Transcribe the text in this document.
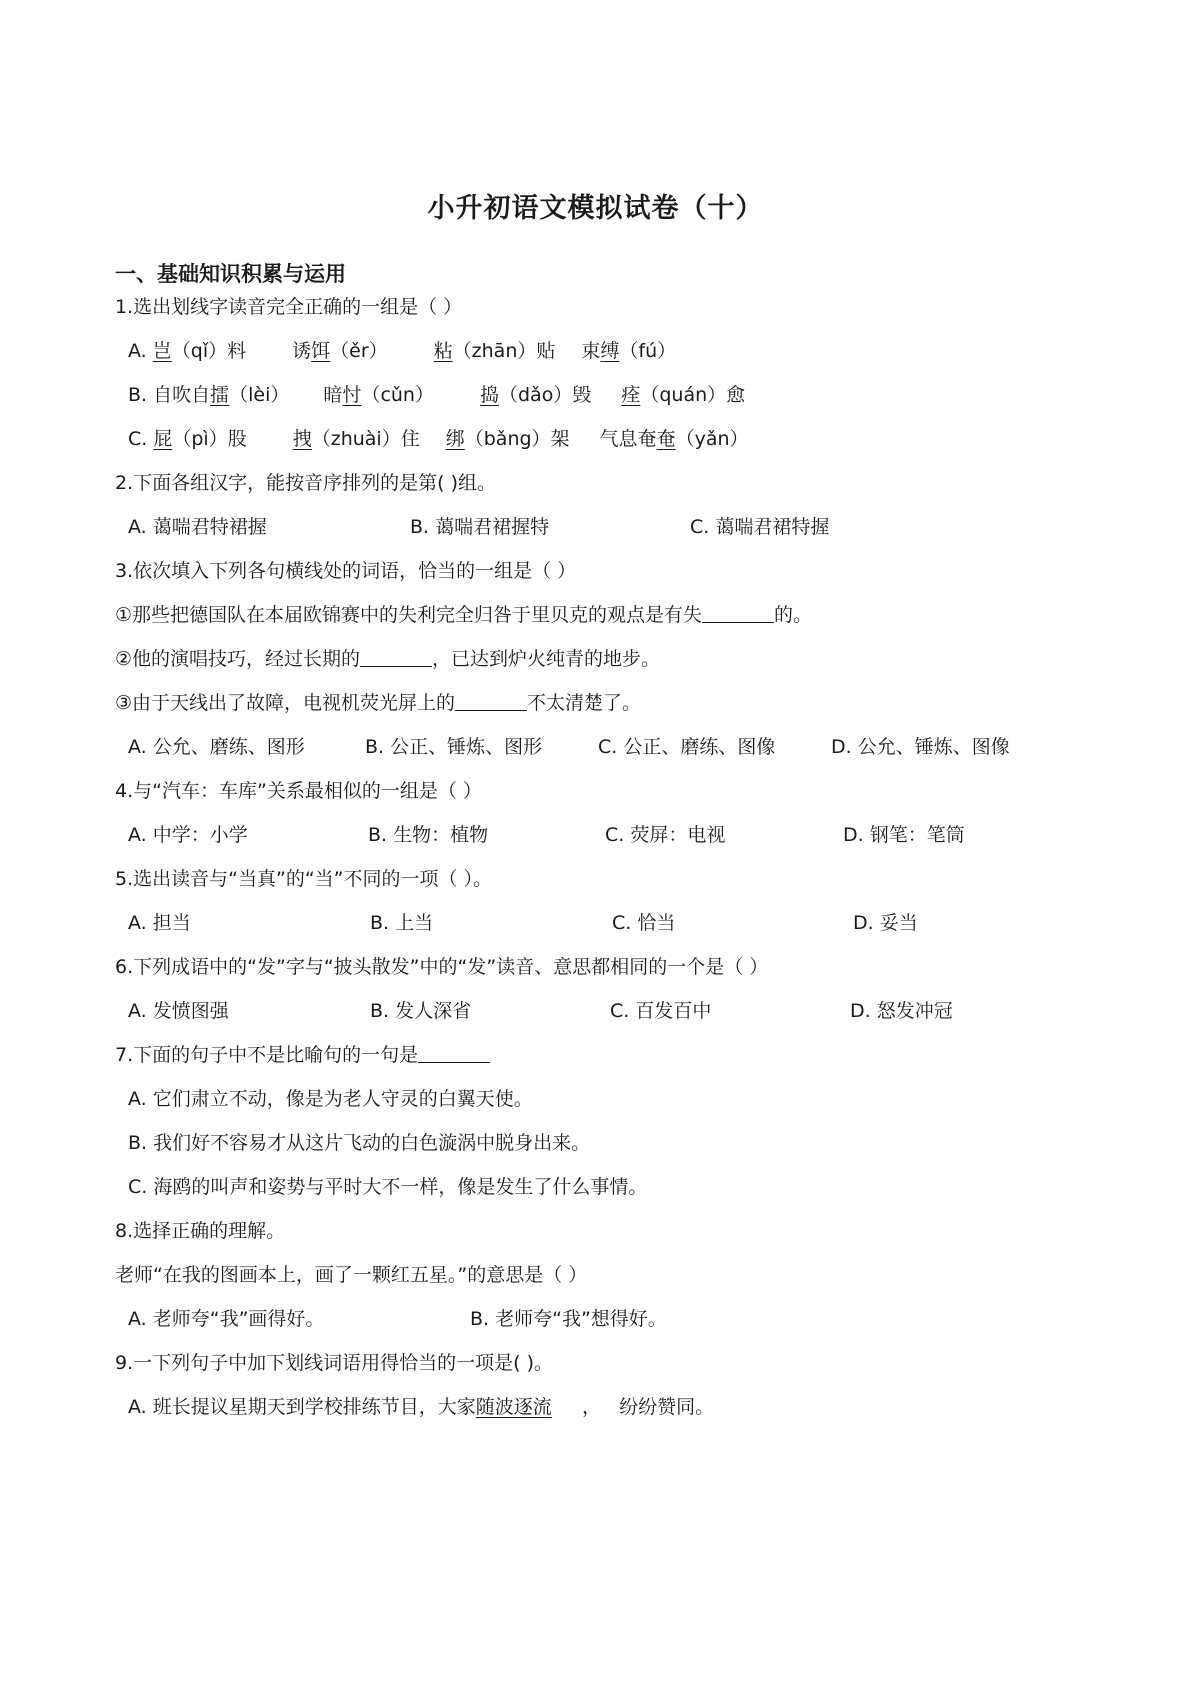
小升初语文模拟试卷（十）
一、基础知识积累与运用
1.选出划线字读音完全正确的一组是（ ）
A. 岂（qǐ）料 诱饵（ěr） 粘（zhān）贴 束缚（fú）
B. 自吹自擂（lèi） 暗忖（cǔn） 捣（dǎo）毁 痊（quán）愈
C. 屁（pì）股 拽（zhuài）住 绑（bǎng）架 气息奄奄（yǎn）
2.下面各组汉字，能按音序排列的是第( )组。
A. 蔼喘君特裙握	B. 蔼喘君裙握特	C. 蔼喘君裙特握
3.依次填入下列各句横线处的词语，恰当的一组是（ ）
①那些把德国队在本届欧锦赛中的失利完全归咎于里贝克的观点是有失	的。
②他的演唱技巧，经过长期的	，已达到炉火纯青的地步。
③由于天线出了故障，电视机荧光屏上的	不太清楚了。
A. 公允、磨练、图形	B. 公正、锤炼、图形	C. 公正、磨练、图像	D. 公允、锤炼、图像
4.与“汽车：车库”关系最相似的一组是（ ）
A. 中学：小学	B. 生物：植物	C. 荧屏：电视	D. 钢笔：笔筒
5.选出读音与“当真”的“当”不同的一项（ ）。
A. 担当	B. 上当	C. 恰当	D. 妥当
6.下列成语中的“发”字与“披头散发”中的“发”读音、意思都相同的一个是（ ）
A. 发愤图强	B. 发人深省	C. 百发百中	D. 怒发冲冠
7.下面的句子中不是比喻句的一句是
A. 它们肃立不动，像是为老人守灵的白翼天使。
B. 我们好不容易才从这片飞动的白色漩涡中脱身出来。
C. 海鸥的叫声和姿势与平时大不一样，像是发生了什么事情。
8.选择正确的理解。
老师“在我的图画本上，画了一颗红五星。”的意思是（ ）
A. 老师夸“我”画得好。	B. 老师夸“我”想得好。
9.一下列句子中加下划线词语用得恰当的一项是( )。
A. 班长提议星期天到学校排练节目，大家随波逐流     ，   纷纷赞同。
